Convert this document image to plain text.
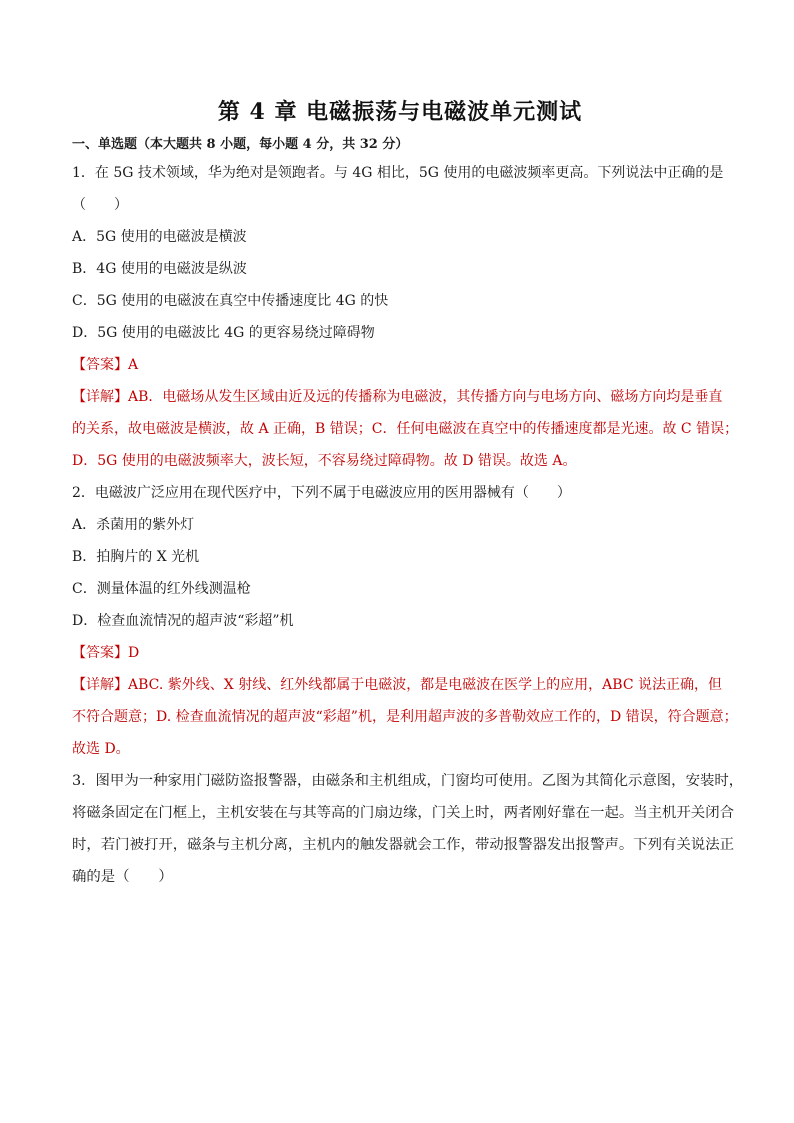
第 4 章 电磁振荡与电磁波单元测试
一、单选题（本大题共 8 小题，每小题 4 分，共 32 分）
1．在 5G 技术领域，华为绝对是领跑者。与 4G 相比，5G 使用的电磁波频率更高。下列说法中正确的是
（　　）
A．5G 使用的电磁波是横波
B．4G 使用的电磁波是纵波
C．5G 使用的电磁波在真空中传播速度比 4G 的快
D．5G 使用的电磁波比 4G 的更容易绕过障碍物
【答案】A
【详解】AB．电磁场从发生区域由近及远的传播称为电磁波，其传播方向与电场方向、磁场方向均是垂直
的关系，故电磁波是横波，故 A 正确，B 错误；C．任何电磁波在真空中的传播速度都是光速。故 C 错误；
D．5G 使用的电磁波频率大，波长短，不容易绕过障碍物。故 D 错误。故选 A。
2．电磁波广泛应用在现代医疗中，下列不属于电磁波应用的医用器械有（　　）
A．杀菌用的紫外灯
B．拍胸片的 X 光机
C．测量体温的红外线测温枪
D．检查血流情况的超声波“彩超”机
【答案】D
【详解】ABC. 紫外线、X 射线、红外线都属于电磁波，都是电磁波在医学上的应用，ABC 说法正确，但
不符合题意；D. 检查血流情况的超声波“彩超”机，是利用超声波的多普勒效应工作的，D 错误，符合题意；
故选 D。
3．图甲为一种家用门磁防盗报警器，由磁条和主机组成，门窗均可使用。乙图为其简化示意图，安装时，
将磁条固定在门框上，主机安装在与其等高的门扇边缘，门关上时，两者刚好靠在一起。当主机开关闭合
时，若门被打开，磁条与主机分离，主机内的触发器就会工作，带动报警器发出报警声。下列有关说法正
确的是（　　）
